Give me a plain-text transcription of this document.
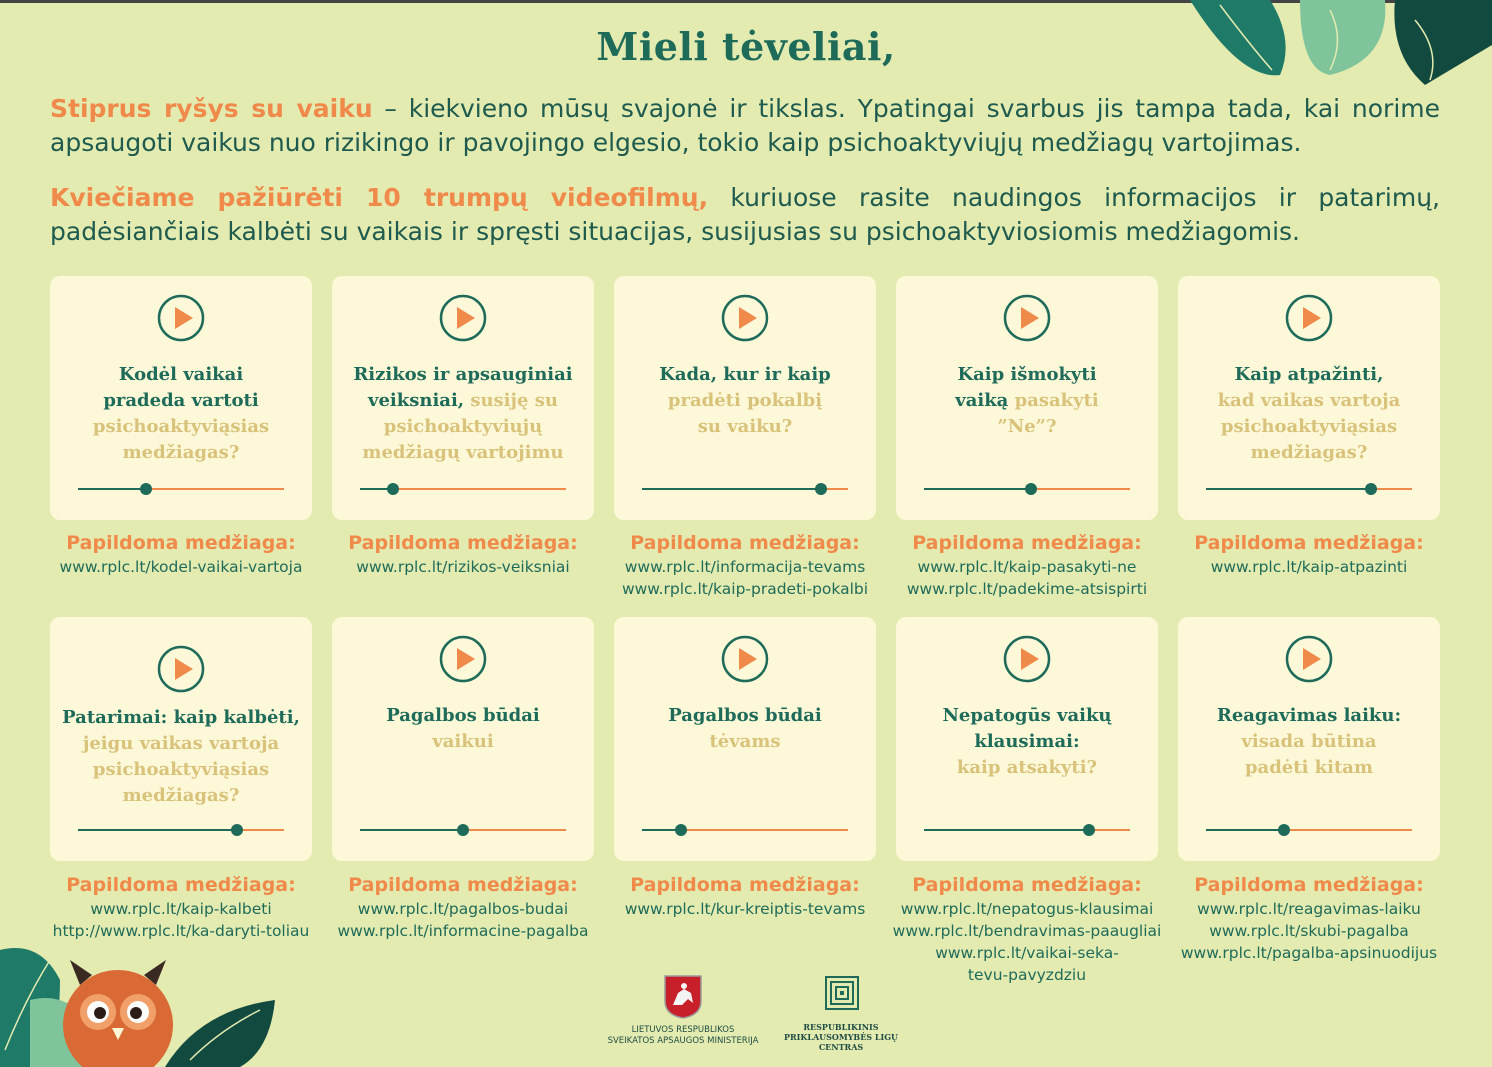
Mieli tėveliai,
Stiprus ryšys su vaiku – kiekvieno mūsų svajonė ir tikslas. Ypatingai svarbus jis tampa tada, kai norime apsaugoti vaikus nuo rizikingo ir pavojingo elgesio, tokio kaip psichoaktyviųjų medžiagų vartojimas.
Kviečiame pažiūrėti 10 trumpų videofilmų, kuriuose rasite naudingos informacijos ir patarimų, padėsiančiais kalbėti su vaikais ir spręsti situacijas, susijusias su psichoaktyviosiomis medžiagomis.
Kodėl vaikai
pradeda vartoti
psichoaktyviąsias
medžiagas?
Papildoma medžiaga:
www.rplc.lt/kodel-vaikai-vartoja
Rizikos ir apsauginiai
veiksniai, susiję su
psichoaktyviųjų
medžiagų vartojimu
Papildoma medžiaga:
www.rplc.lt/rizikos-veiksniai
Kada, kur ir kaip
pradėti pokalbį
su vaiku?
Papildoma medžiaga:
www.rplc.lt/informacija-tevams
www.rplc.lt/kaip-pradeti-pokalbi
Kaip išmokyti
vaiką pasakyti
”Ne”?
Papildoma medžiaga:
www.rplc.lt/kaip-pasakyti-ne
www.rplc.lt/padekime-atsispirti
Kaip atpažinti,
kad vaikas vartoja
psichoaktyviąsias
medžiagas?
Papildoma medžiaga:
www.rplc.lt/kaip-atpazinti
Patarimai: kaip kalbėti,
jeigu vaikas vartoja
psichoaktyviąsias
medžiagas?
Papildoma medžiaga:
www.rplc.lt/kaip-kalbeti
http://www.rplc.lt/ka-daryti-toliau
Pagalbos būdai
vaikui
Papildoma medžiaga:
www.rplc.lt/pagalbos-budai
www.rplc.lt/informacine-pagalba
Pagalbos būdai
tėvams
Papildoma medžiaga:
www.rplc.lt/kur-kreiptis-tevams
Nepatogūs vaikų
klausimai:
kaip atsakyti?
Papildoma medžiaga:
www.rplc.lt/nepatogus-klausimai
www.rplc.lt/bendravimas-paaugliai
www.rplc.lt/vaikai-seka-
tevu-pavyzdziu
Reagavimas laiku:
visada būtina
padėti kitam
Papildoma medžiaga:
www.rplc.lt/reagavimas-laiku
www.rplc.lt/skubi-pagalba
www.rplc.lt/pagalba-apsinuodijus
LIETUVOS RESPUBLIKOS
SVEIKATOS APSAUGOS MINISTERIJA
RESPUBLIKINIS
PRIKLAUSOMYBĖS LIGŲ
CENTRAS
